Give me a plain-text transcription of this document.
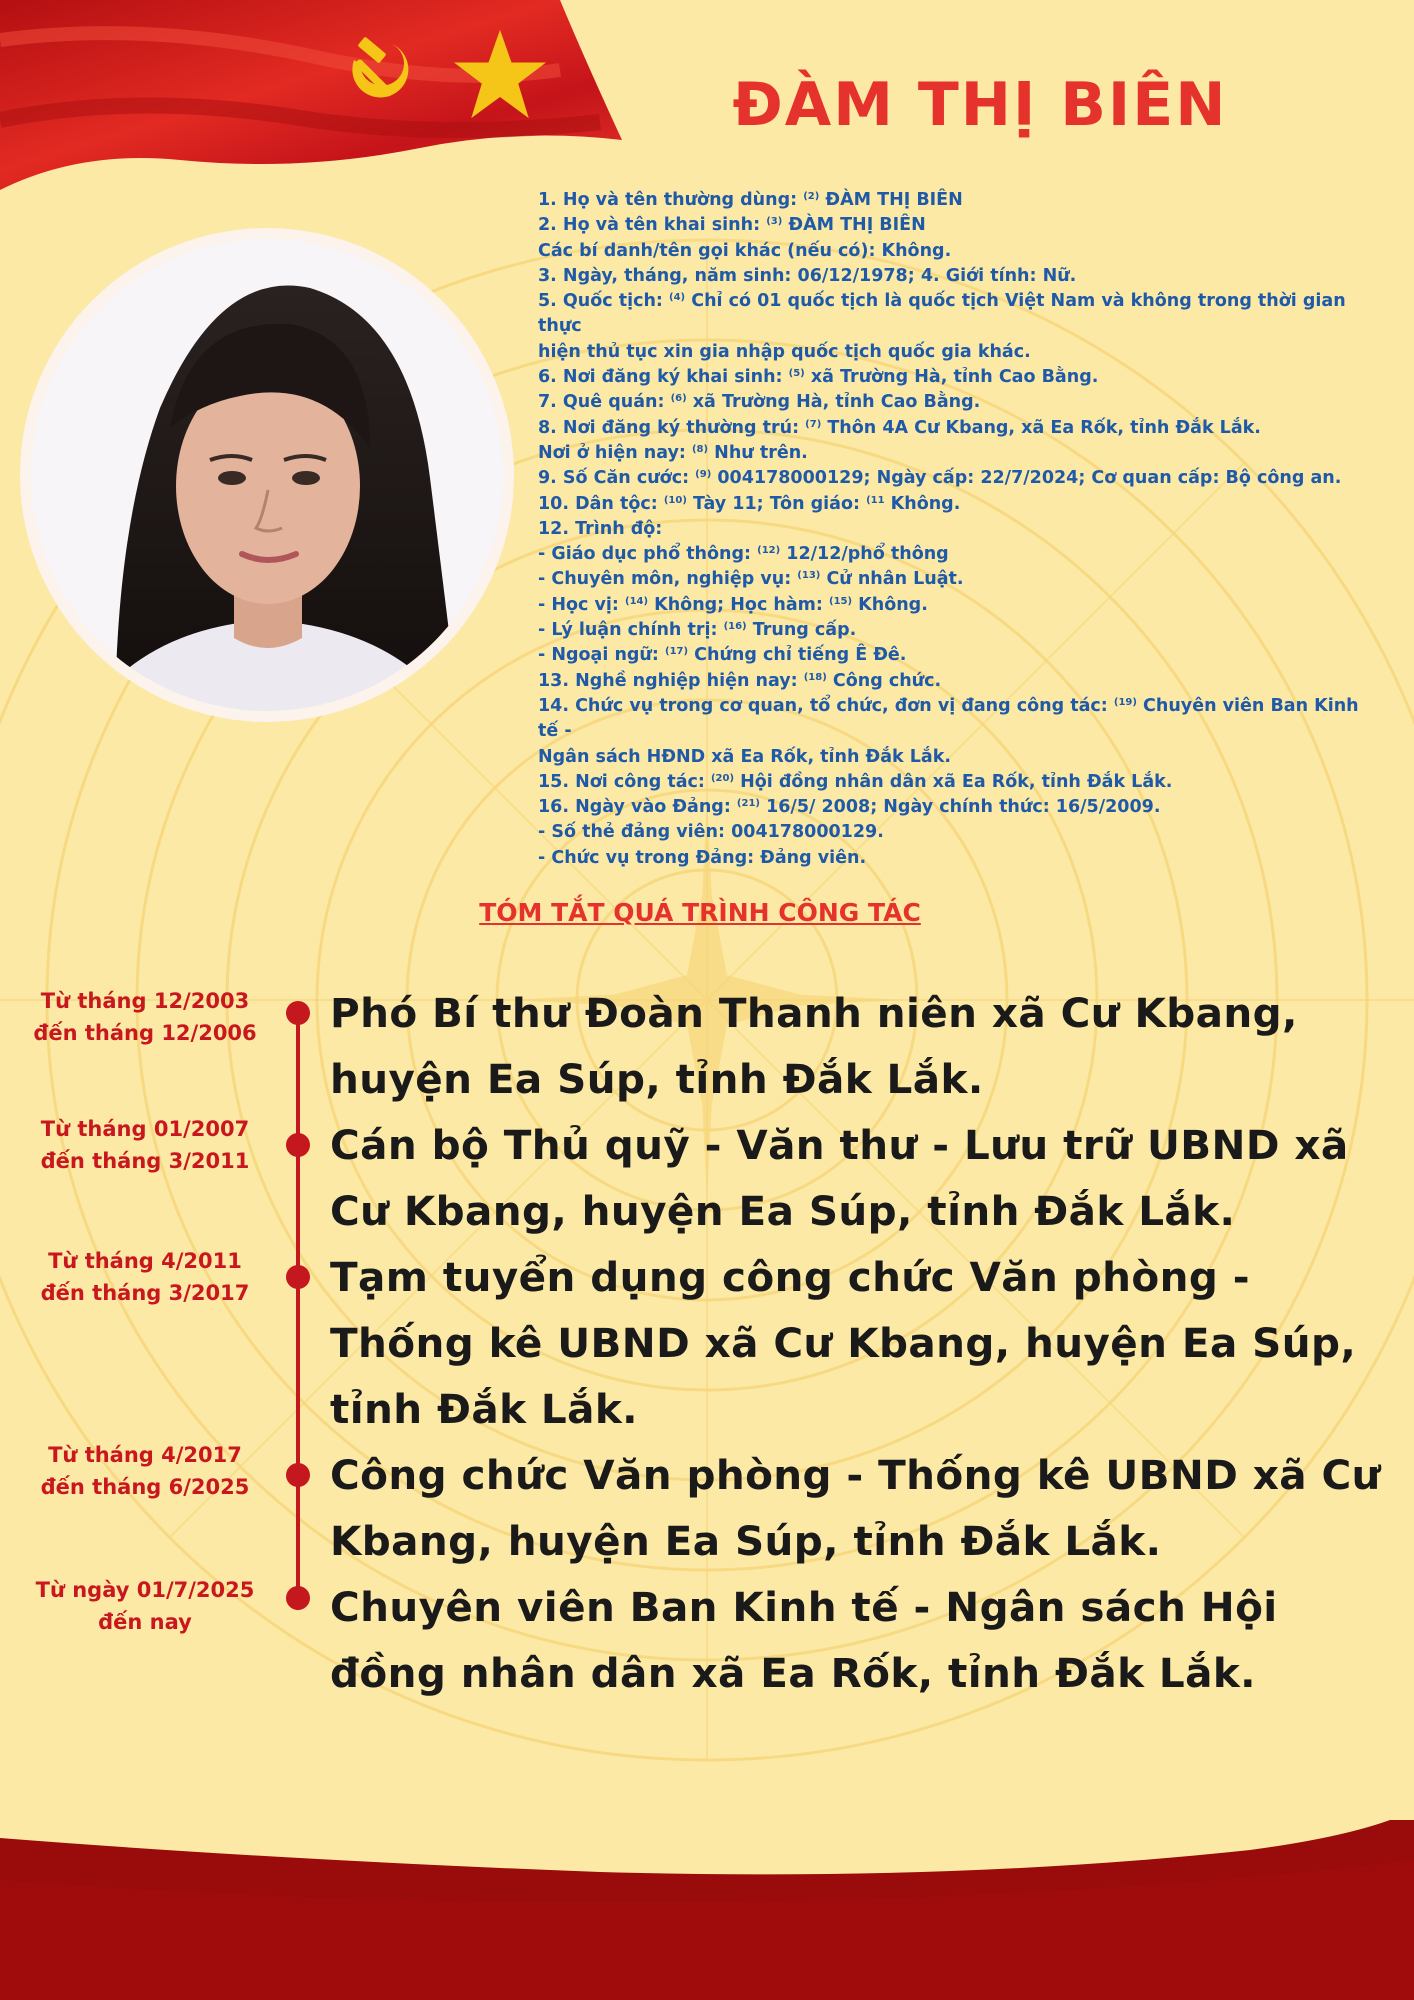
ĐÀM THỊ BIÊN
1. Họ và tên thường dùng: $^{(2)}$ ĐÀM THỊ BIÊN
2. Họ và tên khai sinh: $^{(3)}$ ĐÀM THỊ BIÊN
Các bí danh/tên gọi khác (nếu có): Không.
3. Ngày, tháng, năm sinh: 06/12/1978; 4. Giới tính: Nữ.
5. Quốc tịch: $^{(4)}$ Chỉ có 01 quốc tịch là quốc tịch Việt Nam và không trong thời gian thực
hiện thủ tục xin gia nhập quốc tịch quốc gia khác.
6. Nơi đăng ký khai sinh: $^{(5)}$ xã Trường Hà, tỉnh Cao Bằng.
7. Quê quán: $^{(6)}$ xã Trường Hà, tỉnh Cao Bằng.
8. Nơi đăng ký thường trú: $^{(7)}$ Thôn 4A Cư Kbang, xã Ea Rốk, tỉnh Đắk Lắk.
Nơi ở hiện nay: $^{(8)}$ Như trên.
9. Số Căn cước: $^{(9)}$ 004178000129; Ngày cấp: 22/7/2024; Cơ quan cấp: Bộ công an.
10. Dân tộc: $^{(10)}$ Tày 11; Tôn giáo: $^{(11}$ Không.
12. Trình độ:
- Giáo dục phổ thông: $^{(12)}$ 12/12/phổ thông
- Chuyên môn, nghiệp vụ: $^{(13)}$ Cử nhân Luật.
- Học vị: $^{(14)}$ Không; Học hàm: $^{(15)}$ Không.
- Lý luận chính trị: $^{(16)}$ Trung cấp.
- Ngoại ngữ: $^{(17)}$ Chứng chỉ tiếng Ê Đê.
13. Nghề nghiệp hiện nay: $^{(18)}$ Công chức.
14. Chức vụ trong cơ quan, tổ chức, đơn vị đang công tác: $^{(19)}$ Chuyên viên Ban Kinh tế -
Ngân sách HĐND xã Ea Rốk, tỉnh Đắk Lắk.
15. Nơi công tác: $^{(20)}$ Hội đồng nhân dân xã Ea Rốk, tỉnh Đắk Lắk.
16. Ngày vào Đảng: $^{(21)}$ 16/5/ 2008; Ngày chính thức: 16/5/2009.
- Số thẻ đảng viên: 004178000129.
- Chức vụ trong Đảng: Đảng viên.
TÓM TẮT QUÁ TRÌNH CÔNG TÁC
Từ tháng 12/2003
đến tháng 12/2006	Phó Bí thư Đoàn Thanh niên xã Cư Kbang,
huyện Ea Súp, tỉnh Đắk Lắk.
Từ tháng 01/2007
đến tháng 3/2011	Cán bộ Thủ quỹ - Văn thư - Lưu trữ UBND xã
Cư Kbang, huyện Ea Súp, tỉnh Đắk Lắk.
Từ tháng 4/2011
đến tháng 3/2017	Tạm tuyển dụng công chức Văn phòng -
Thống kê UBND xã Cư Kbang, huyện Ea Súp,
tỉnh Đắk Lắk.
Từ tháng 4/2017
đến tháng 6/2025	Công chức Văn phòng - Thống kê UBND xã Cư
Kbang, huyện Ea Súp, tỉnh Đắk Lắk.
Từ ngày 01/7/2025
đến nay	Chuyên viên Ban Kinh tế - Ngân sách Hội
đồng nhân dân xã Ea Rốk, tỉnh Đắk Lắk.
